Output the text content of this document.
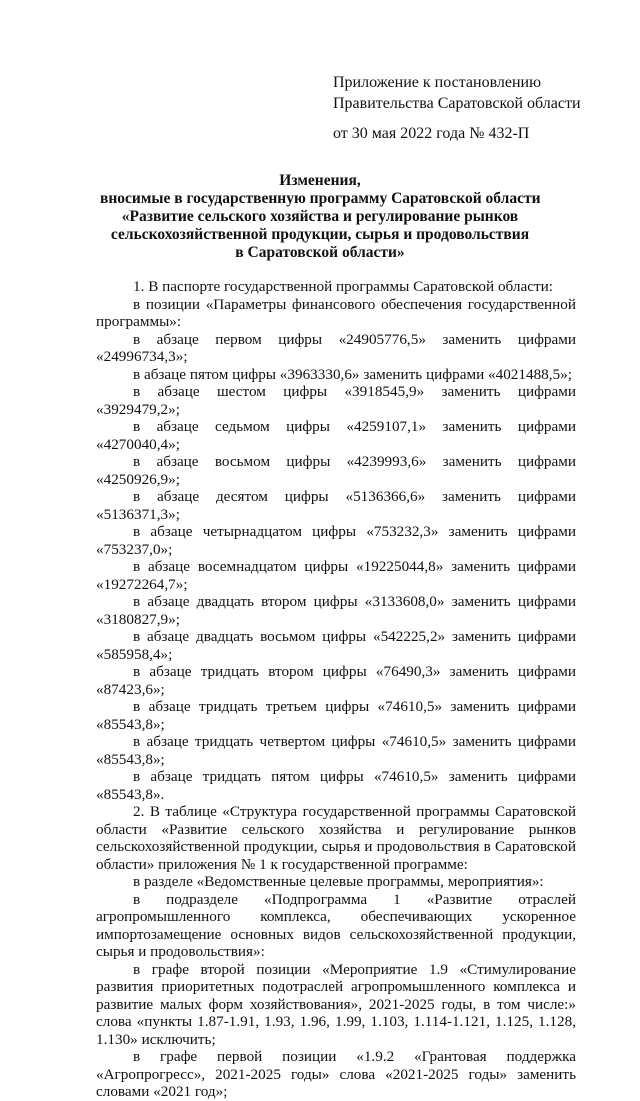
Приложение к постановлению
Правительства Саратовской области
от 30 мая 2022 года № 432-П
Изменения,
вносимые в государственную программу Саратовской области
«Развитие сельского хозяйства и регулирование рынков
сельскохозяйственной продукции, сырья и продовольствия
в Саратовской области»

1. В паспорте государственной программы Саратовской области:

в позиции «Параметры финансового обеспечения государственной программы»:

в абзаце первом цифры «24905776,5» заменить цифрами «24996734,3»;

в абзаце пятом цифры «3963330,6» заменить цифрами «4021488,5»;

в абзаце шестом цифры «3918545,9» заменить цифрами «3929479,2»;

в абзаце седьмом цифры «4259107,1» заменить цифрами «4270040,4»;

в абзаце восьмом цифры «4239993,6» заменить цифрами «4250926,9»;

в абзаце десятом цифры «5136366,6» заменить цифрами «5136371,3»;

в абзаце четырнадцатом цифры «753232,3» заменить цифрами «753237,0»;

в абзаце восемнадцатом цифры «19225044,8» заменить цифрами «19272264,7»;

в абзаце двадцать втором цифры «3133608,0» заменить цифрами «3180827,9»;

в абзаце двадцать восьмом цифры «542225,2» заменить цифрами «585958,4»;

в абзаце тридцать втором цифры «76490,3» заменить цифрами «87423,6»;

в абзаце тридцать третьем цифры «74610,5» заменить цифрами «85543,8»;

в абзаце тридцать четвертом цифры «74610,5» заменить цифрами «85543,8»;

в абзаце тридцать пятом цифры «74610,5» заменить цифрами «85543,8».

2. В таблице «Структура государственной программы Саратовской области «Развитие сельского хозяйства и регулирование рынков сельскохозяйственной продукции, сырья и продовольствия в Саратовской области» приложения № 1 к государственной программе:

в разделе «Ведомственные целевые программы, мероприятия»:

в подразделе «Подпрограмма 1 «Развитие отраслей агропромышленного комплекса, обеспечивающих ускоренное импортозамещение основных видов сельскохозяйственной продукции, сырья и продовольствия»:

в графе второй позиции «Мероприятие 1.9 «Стимулирование развития приоритетных подотраслей агропромышленного комплекса и развитие малых форм хозяйствования», 2021-2025 годы, в том числе:» слова «пункты 1.87-1.91, 1.93, 1.96, 1.99, 1.103, 1.114-1.121, 1.125, 1.128, 1.130» исключить;

в графе первой позиции «1.9.2 «Грантовая поддержка «Агропрогресс», 2021-2025 годы» слова «2021-2025 годы» заменить словами «2021 год»;
